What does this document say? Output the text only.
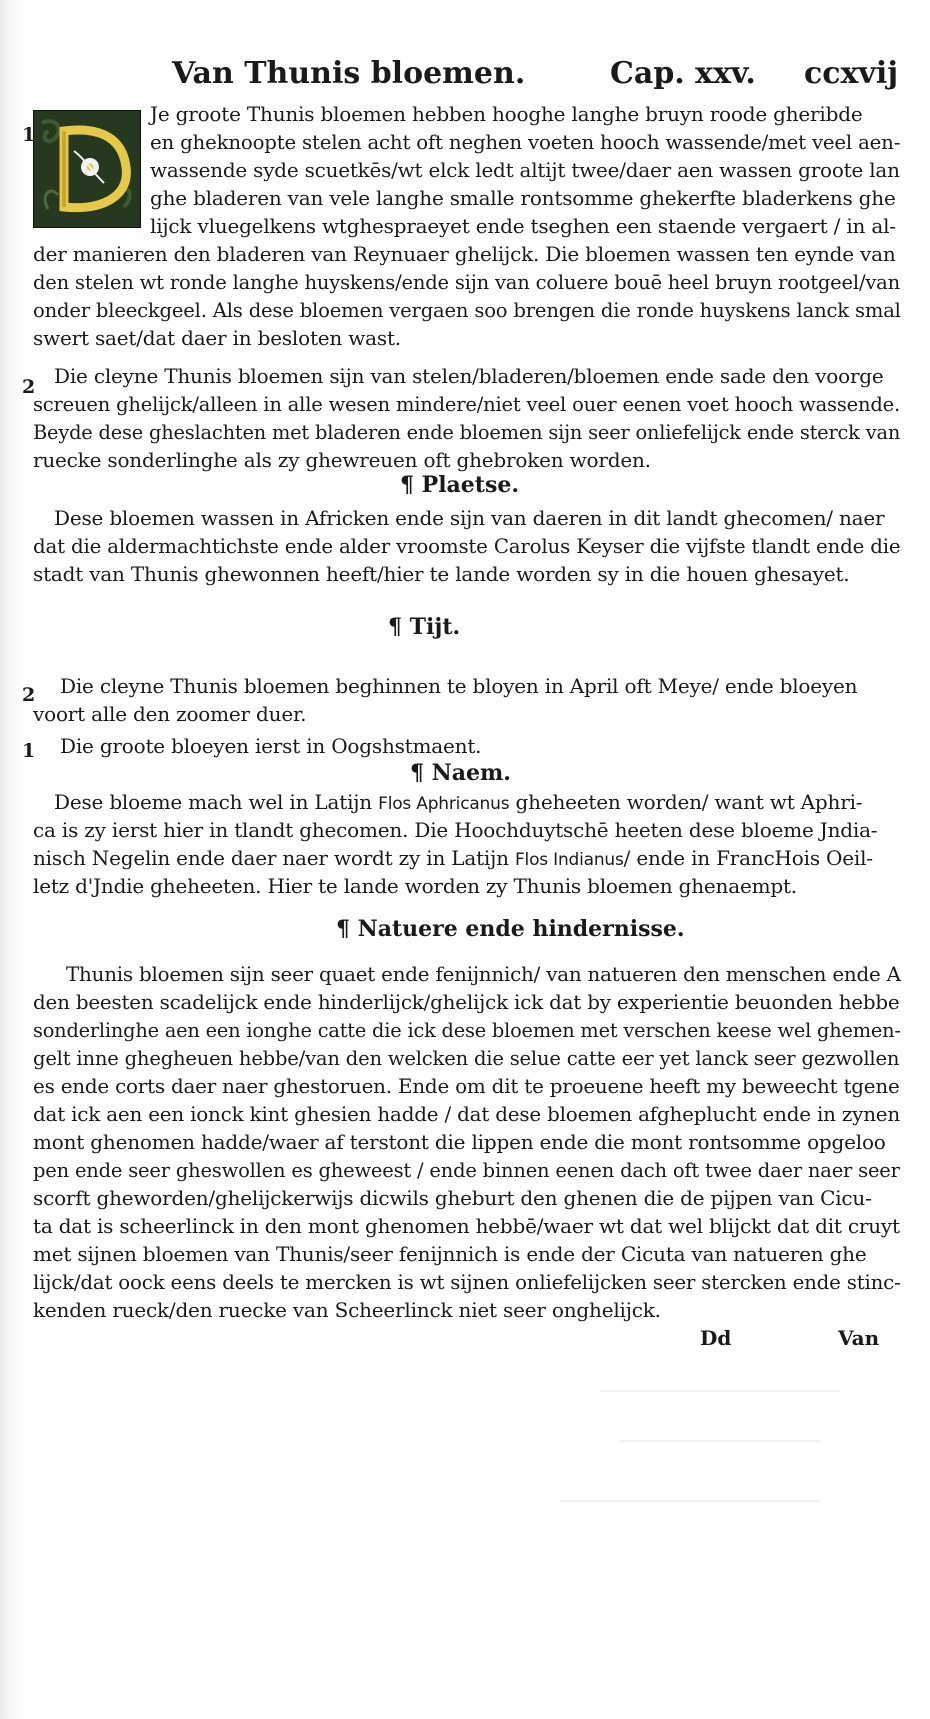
Van Thunis bloemen.	Cap. xxv. ccxvij
1
2
2
1
Je groote Thunis bloemen hebben hooghe langhe bruyn roode gheribde
en gheknoopte stelen acht oft neghen voeten hooch wassende/met veel aen-
wassende syde scuetkēs/wt elck ledt altijt twee/daer aen wassen groote lan
ghe bladeren van vele langhe smalle rontsomme ghekerfte bladerkens ghe
lijck vluegelkens wtghespraeyet ende tseghen een staende vergaert / in al-
der manieren den bladeren van Reynuaer ghelijck. Die bloemen wassen ten eynde van
den stelen wt ronde langhe huyskens/ende sijn van coluere bouē heel bruyn rootgeel/van
onder bleeckgeel. Als dese bloemen vergaen soo brengen die ronde huyskens lanck smal
swert saet/dat daer in besloten wast.
Die cleyne Thunis bloemen sijn van stelen/bladeren/bloemen ende sade den voorge
screuen ghelijck/alleen in alle wesen mindere/niet veel ouer eenen voet hooch wassende.
Beyde dese gheslachten met bladeren ende bloemen sijn seer onliefelijck ende sterck van
ruecke sonderlinghe als zy ghewreuen oft ghebroken worden.
¶ Plaetse.
Dese bloemen wassen in Africken ende sijn van daeren in dit landt ghecomen/ naer
dat die aldermachtichste ende alder vroomste Carolus Keyser die vijfste tlandt ende die
stadt van Thunis ghewonnen heeft/hier te lande worden sy in die houen ghesayet.
¶ Tijt.
Die cleyne Thunis bloemen beghinnen te bloyen in April oft Meye/ ende bloeyen
voort alle den zoomer duer.
Die groote bloeyen ierst in Oogshstmaent.
¶ Naem.
Dese bloeme mach wel in Latijn Flos Aphricanus gheheeten worden/ want wt Aphri-
ca is zy ierst hier in tlandt ghecomen. Die Hoochduytschē heeten dese bloeme Jndia-
nisch Negelin ende daer naer wordt zy in Latijn Flos Indianus/ ende in FrancHois Oeil-
letz d'Jndie gheheeten. Hier te lande worden zy Thunis bloemen ghenaempt.
¶ Natuere ende hindernisse.
Thunis bloemen sijn seer quaet ende fenijnnich/ van natueren den menschen ende A
den beesten scadelijck ende hinderlijck/ghelijck ick dat by experientie beuonden hebbe
sonderlinghe aen een ionghe catte die ick dese bloemen met verschen keese wel ghemen-
gelt inne ghegheuen hebbe/van den welcken die selue catte eer yet lanck seer gezwollen
es ende corts daer naer ghestoruen. Ende om dit te proeuene heeft my beweecht tgene
dat ick aen een ionck kint ghesien hadde / dat dese bloemen afgheplucht ende in zynen
mont ghenomen hadde/waer af terstont die lippen ende die mont rontsomme opgeloo
pen ende seer gheswollen es gheweest / ende binnen eenen dach oft twee daer naer seer
scorft gheworden/ghelijckerwijs dicwils gheburt den ghenen die de pijpen van Cicu-
ta dat is scheerlinck in den mont ghenomen hebbē/waer wt dat wel blijckt dat dit cruyt
met sijnen bloemen van Thunis/seer fenijnnich is ende der Cicuta van natueren ghe
lijck/dat oock eens deels te mercken is wt sijnen onliefelijcken seer stercken ende stinc-
kenden rueck/den ruecke van Scheerlinck niet seer onghelijck.
Dd	Van
